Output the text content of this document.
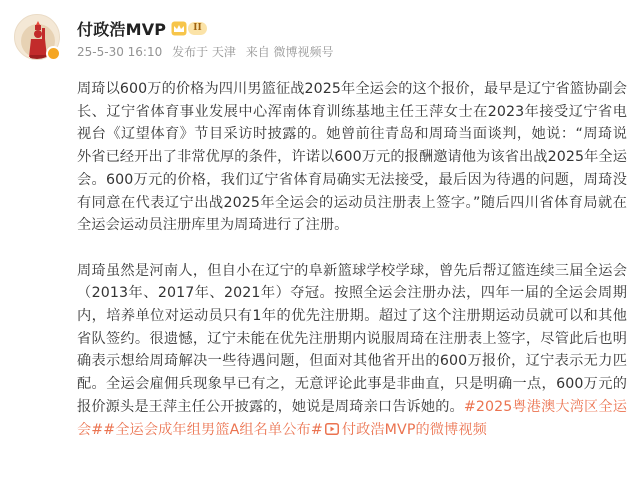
付政浩MVP	II
25-5-30 16:10 发布于 天津 来自 微博视频号

周琦以600万的价格为四川男篮征战2025年全运会的这个报价，最早是辽宁省篮协副会长、辽宁省体育事业发展中心浑南体育训练基地主任王萍女士在2023年接受辽宁省电视台《辽望体育》节目采访时披露的。她曾前往青岛和周琦当面谈判，她说：“周琦说外省已经开出了非常优厚的条件，许诺以600万元的报酬邀请他为该省出战2025年全运会。600万元的价格，我们辽宁省体育局确实无法接受，最后因为待遇的问题，周琦没有同意在代表辽宁出战2025年全运会的运动员注册表上签字。”随后四川省体育局就在全运会运动员注册库里为周琦进行了注册。

周琦虽然是河南人，但自小在辽宁的阜新篮球学校学球，曾先后帮辽篮连续三届全运会（2013年、2017年、2021年）夺冠。按照全运会注册办法，四年一届的全运会周期内，培养单位对运动员只有1年的优先注册期。超过了这个注册期运动员就可以和其他省队签约。很遗憾，辽宁未能在优先注册期内说服周琦在注册表上签字，尽管此后也明确表示想给周琦解决一些待遇问题，但面对其他省开出的600万报价，辽宁表示无力匹配。全运会雇佣兵现象早已有之，无意评论此事是非曲直，只是明确一点，600万元的报价源头是王萍主任公开披露的，她说是周琦亲口告诉她的。#2025粤港澳大湾区全运会##全运会成年组男篮A组名单公布# 付政浩MVP的微博视频
